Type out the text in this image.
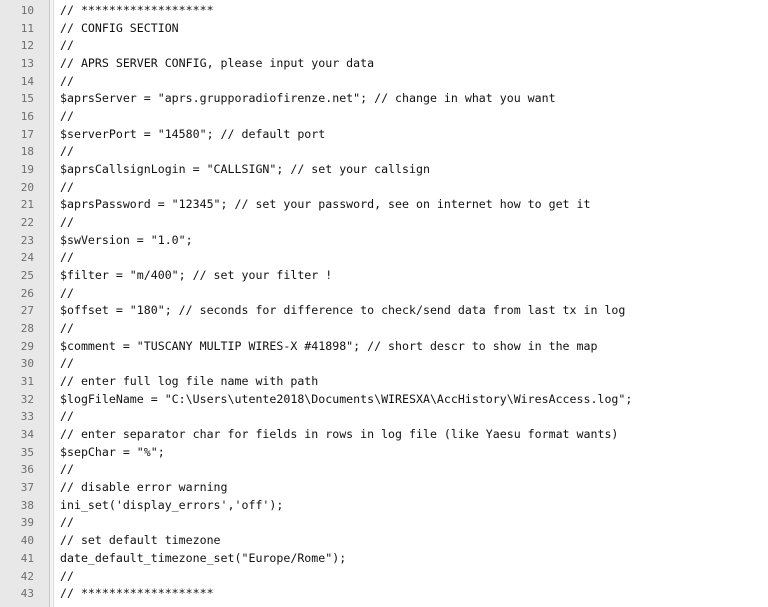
10 // *******************
11 // CONFIG SECTION
12 //
13 // APRS SERVER CONFIG, please input your data
14 //
15 $aprsServer = "aprs.grupporadiofirenze.net"; // change in what you want
16 //
17 $serverPort = "14580"; // default port
18 //
19 $aprsCallsignLogin = "CALLSIGN"; // set your callsign
20 //
21 $aprsPassword = "12345"; // set your password, see on internet how to get it
22 //
23 $swVersion = "1.0";
24 //
25 $filter = "m/400"; // set your filter !
26 //
27 $offset = "180"; // seconds for difference to check/send data from last tx in log
28 //
29 $comment = "TUSCANY MULTIP WIRES-X #41898"; // short descr to show in the map
30 //
31 // enter full log file name with path
32 $logFileName = "C:\Users\utente2018\Documents\WIRESXA\AccHistory\WiresAccess.log";
33 //
34 // enter separator char for fields in rows in log file (like Yaesu format wants)
35 $sepChar = "%";
36 //
37 // disable error warning
38 ini_set('display_errors','off');
39 //
40 // set default timezone
41 date_default_timezone_set("Europe/Rome");
42 //
43 // *******************
